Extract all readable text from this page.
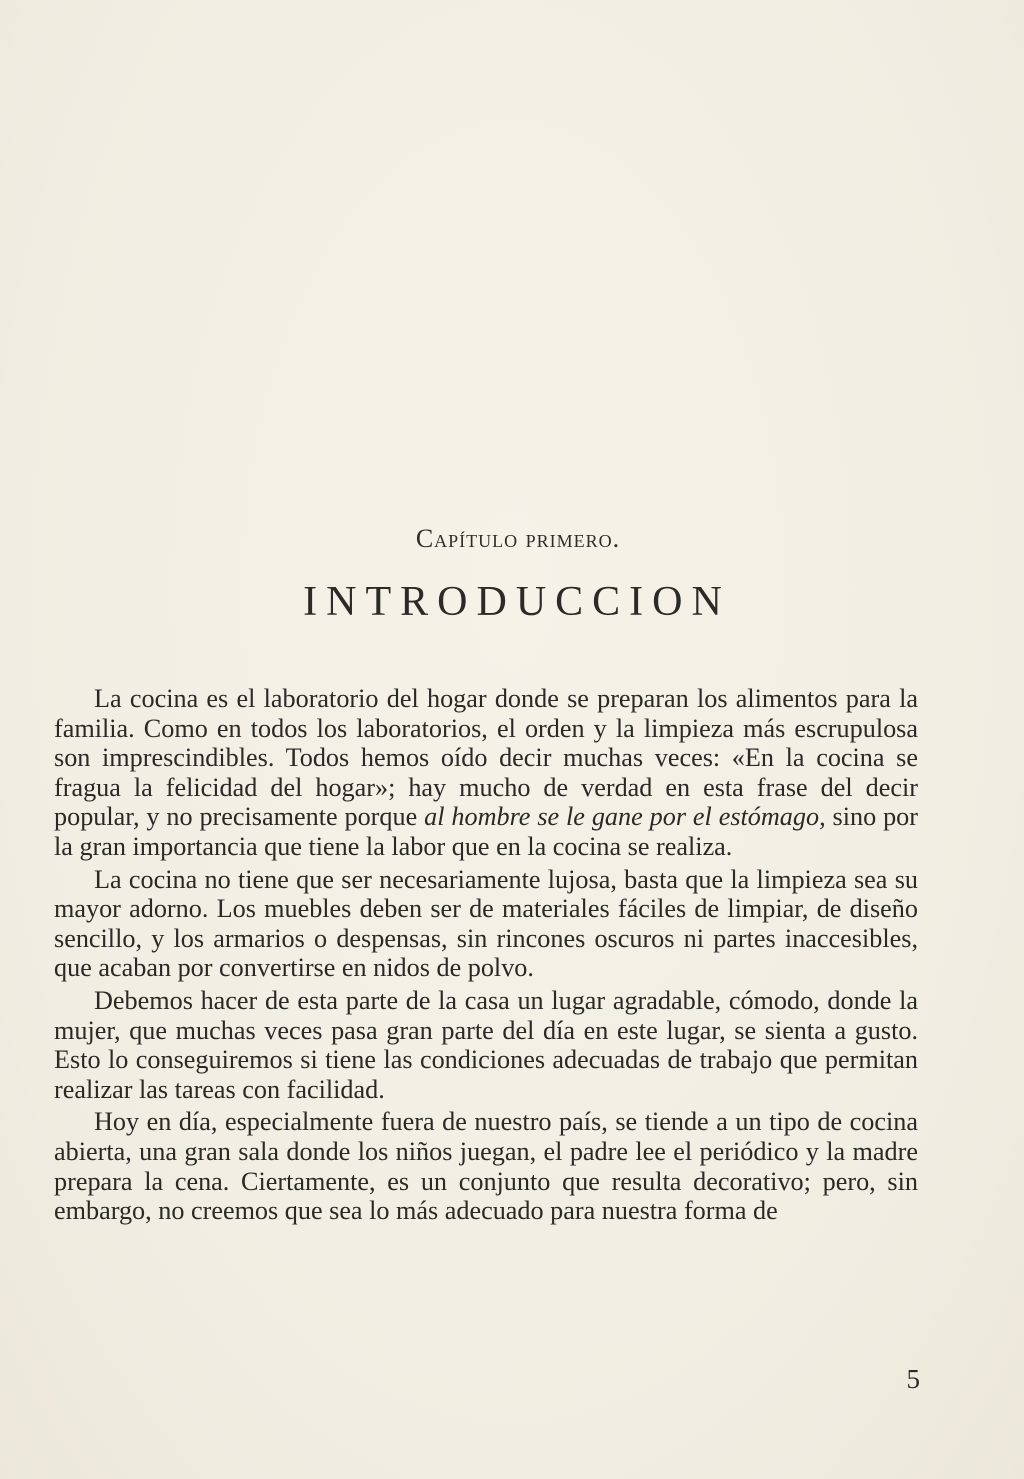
Capítulo primero.
INTRODUCCION

La cocina es el laboratorio del hogar donde se preparan los alimentos para la familia. Como en todos los laboratorios, el orden y la limpieza más escrupulosa son imprescindibles. Todos hemos oído decir muchas veces: «En la cocina se fragua la felicidad del hogar»; hay mucho de verdad en esta frase del decir popular, y no precisamente porque al hombre se le gane por el estómago, sino por la gran importancia que tiene la labor que en la cocina se realiza.

La cocina no tiene que ser necesariamente lujosa, basta que la limpieza sea su mayor adorno. Los muebles deben ser de materiales fáciles de limpiar, de diseño sencillo, y los armarios o despensas, sin rincones oscuros ni partes inaccesibles, que acaban por convertirse en nidos de polvo.

Debemos hacer de esta parte de la casa un lugar agradable, cómodo, donde la mujer, que muchas veces pasa gran parte del día en este lugar, se sienta a gusto. Esto lo conseguiremos si tiene las condiciones adecuadas de trabajo que permitan realizar las tareas con facilidad.

Hoy en día, especialmente fuera de nuestro país, se tiende a un tipo de cocina abierta, una gran sala donde los niños juegan, el padre lee el periódico y la madre prepara la cena. Ciertamente, es un conjunto que resulta decorativo; pero, sin embargo, no creemos que sea lo más adecuado para nuestra forma de

5
